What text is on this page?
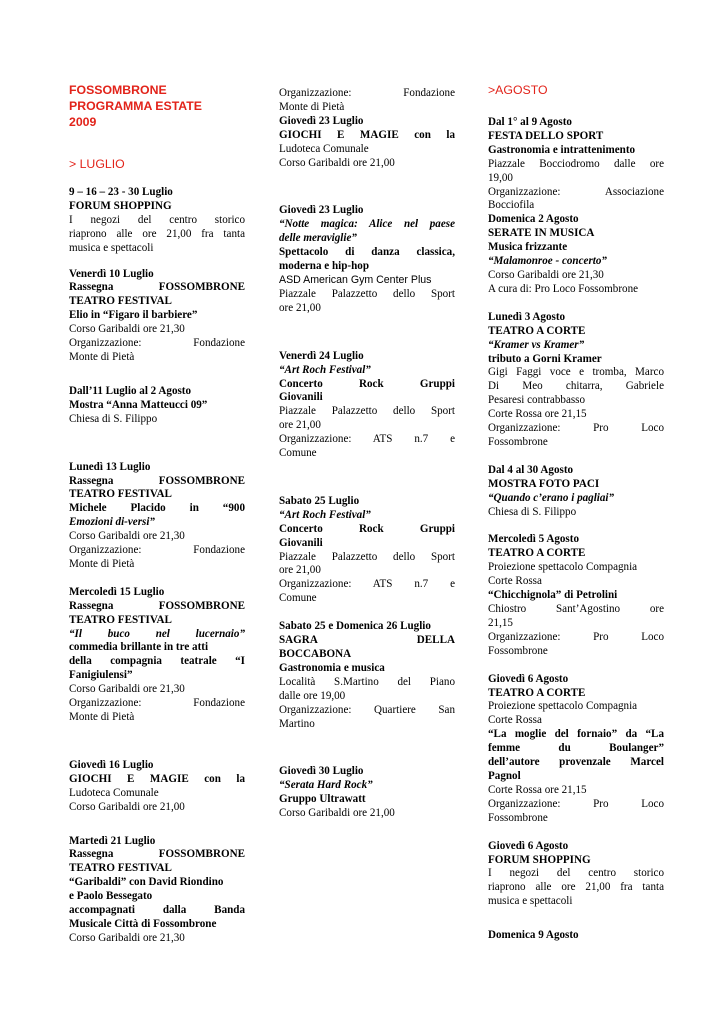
FOSSOMBRONE

PROGRAMMA ESTATE

2009

> LUGLIO

9 – 16 – 23 - 30 Luglio

FORUM SHOPPING

I negozi del centro storico

riaprono alle ore 21,00 fra tanta

musica e spettacoli

Venerdì 10 Luglio

Rassegna FOSSOMBRONE

TEATRO FESTIVAL

Elio in “Figaro il barbiere”

Corso Garibaldi ore 21,30

Organizzazione: Fondazione

Monte di Pietà

Dall’11 Luglio al 2 Agosto

Mostra “Anna Matteucci 09”

Chiesa di S. Filippo

Lunedì 13 Luglio

Rassegna FOSSOMBRONE

TEATRO FESTIVAL

Michele Placido in “900

Emozioni di-versi”

Corso Garibaldi ore 21,30

Organizzazione: Fondazione

Monte di Pietà

Mercoledì 15 Luglio

Rassegna FOSSOMBRONE

TEATRO FESTIVAL

“Il buco nel lucernaio”

commedia brillante in tre atti

della compagnia teatrale “I

Fanigiulensi”

Corso Garibaldi ore 21,30

Organizzazione: Fondazione

Monte di Pietà

Giovedì 16 Luglio

GIOCHI E MAGIE con la

Ludoteca Comunale

Corso Garibaldi ore 21,00

Martedì 21 Luglio

Rassegna FOSSOMBRONE

TEATRO FESTIVAL

“Garibaldi” con David Riondino

e Paolo Bessegato

accompagnati dalla Banda

Musicale Città di Fossombrone

Corso Garibaldi ore 21,30

Organizzazione: Fondazione

Monte di Pietà

Giovedì 23 Luglio

GIOCHI E MAGIE con la

Ludoteca Comunale

Corso Garibaldi ore 21,00

Giovedì 23 Luglio

“Notte magica: Alice nel paese

delle meraviglie”

Spettacolo di danza classica,

moderna e hip-hop

ASD American Gym Center Plus

Piazzale Palazzetto dello Sport

ore 21,00

Venerdì 24 Luglio

“Art Roch Festival”

Concerto Rock Gruppi

Giovanili

Piazzale Palazzetto dello Sport

ore 21,00

Organizzazione: ATS n.7 e

Comune

Sabato 25 Luglio

“Art Roch Festival”

Concerto Rock Gruppi

Giovanili

Piazzale Palazzetto dello Sport

ore 21,00

Organizzazione: ATS n.7 e

Comune

Sabato 25 e Domenica 26 Luglio

SAGRA DELLA

BOCCABONA

Gastronomia e musica

Località S.Martino del Piano

dalle ore 19,00

Organizzazione: Quartiere San

Martino

Giovedì 30 Luglio

“Serata Hard Rock”

Gruppo Ultrawatt

Corso Garibaldi ore 21,00

>AGOSTO

Dal 1° al 9 Agosto

FESTA DELLO SPORT

Gastronomia e intrattenimento

Piazzale Bocciodromo dalle ore

19,00

Organizzazione: Associazione

Bocciofila

Domenica 2 Agosto

SERATE IN MUSICA

Musica frizzante

“Malamonroe - concerto”

Corso Garibaldi ore 21,30

A cura di: Pro Loco Fossombrone

Lunedì 3 Agosto

TEATRO A CORTE

“Kramer vs Kramer”

tributo a Gorni Kramer

Gigi Faggi voce e tromba, Marco

Di Meo chitarra, Gabriele

Pesaresi contrabbasso

Corte Rossa ore 21,15

Organizzazione: Pro Loco

Fossombrone

Dal 4 al 30 Agosto

MOSTRA FOTO PACI

“Quando c’erano i pagliai”

Chiesa di S. Filippo

Mercoledì 5 Agosto

TEATRO A CORTE

Proiezione spettacolo Compagnia

Corte Rossa

“Chicchignola” di Petrolini

Chiostro Sant’Agostino ore

21,15

Organizzazione: Pro Loco

Fossombrone

Giovedì 6 Agosto

TEATRO A CORTE

Proiezione spettacolo Compagnia

Corte Rossa

“La moglie del fornaio” da “La

femme du Boulanger”

dell’autore provenzale Marcel

Pagnol

Corte Rossa ore 21,15

Organizzazione: Pro Loco

Fossombrone

Giovedì 6 Agosto

FORUM SHOPPING

I negozi del centro storico

riaprono alle ore 21,00 fra tanta

musica e spettacoli

Domenica 9 Agosto
